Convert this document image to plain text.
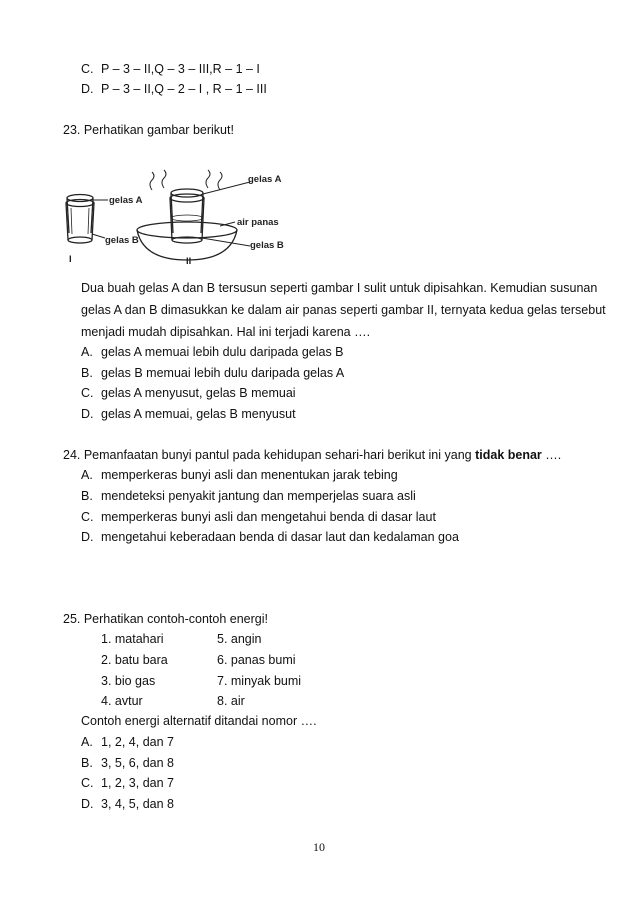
C. P – 3 – II,Q – 3 – III,R – 1 – I
D. P – 3 – II,Q – 2 – I , R – 1 – III
23. Perhatikan gambar berikut!
gelas A
gelas B
I
gelas A
air panas
gelas B
II
Dua buah gelas A dan B tersusun seperti gambar I sulit untuk dipisahkan. Kemudian susunan
gelas A dan B dimasukkan ke dalam air panas seperti gambar II, ternyata kedua gelas tersebut
menjadi mudah dipisahkan. Hal ini terjadi karena ….
A. gelas A memuai lebih dulu daripada gelas B
B. gelas B memuai lebih dulu daripada gelas A
C. gelas A menyusut, gelas B memuai
D. gelas A memuai, gelas B menyusut
24. Pemanfaatan bunyi pantul pada kehidupan sehari-hari berikut ini yang tidak benar ….
A. memperkeras bunyi asli dan menentukan jarak tebing
B. mendeteksi penyakit jantung dan memperjelas suara asli
C. memperkeras bunyi asli dan mengetahui benda di dasar laut
D. mengetahui keberadaan benda di dasar laut dan kedalaman goa
25. Perhatikan contoh-contoh energi!
1. matahari	5. angin
2. batu bara	6. panas bumi
3. bio gas	7. minyak bumi
4. avtur	8. air
Contoh energi alternatif ditandai nomor ….
A. 1, 2, 4, dan 7
B. 3, 5, 6, dan 8
C. 1, 2, 3, dan 7
D. 3, 4, 5, dan 8
10
